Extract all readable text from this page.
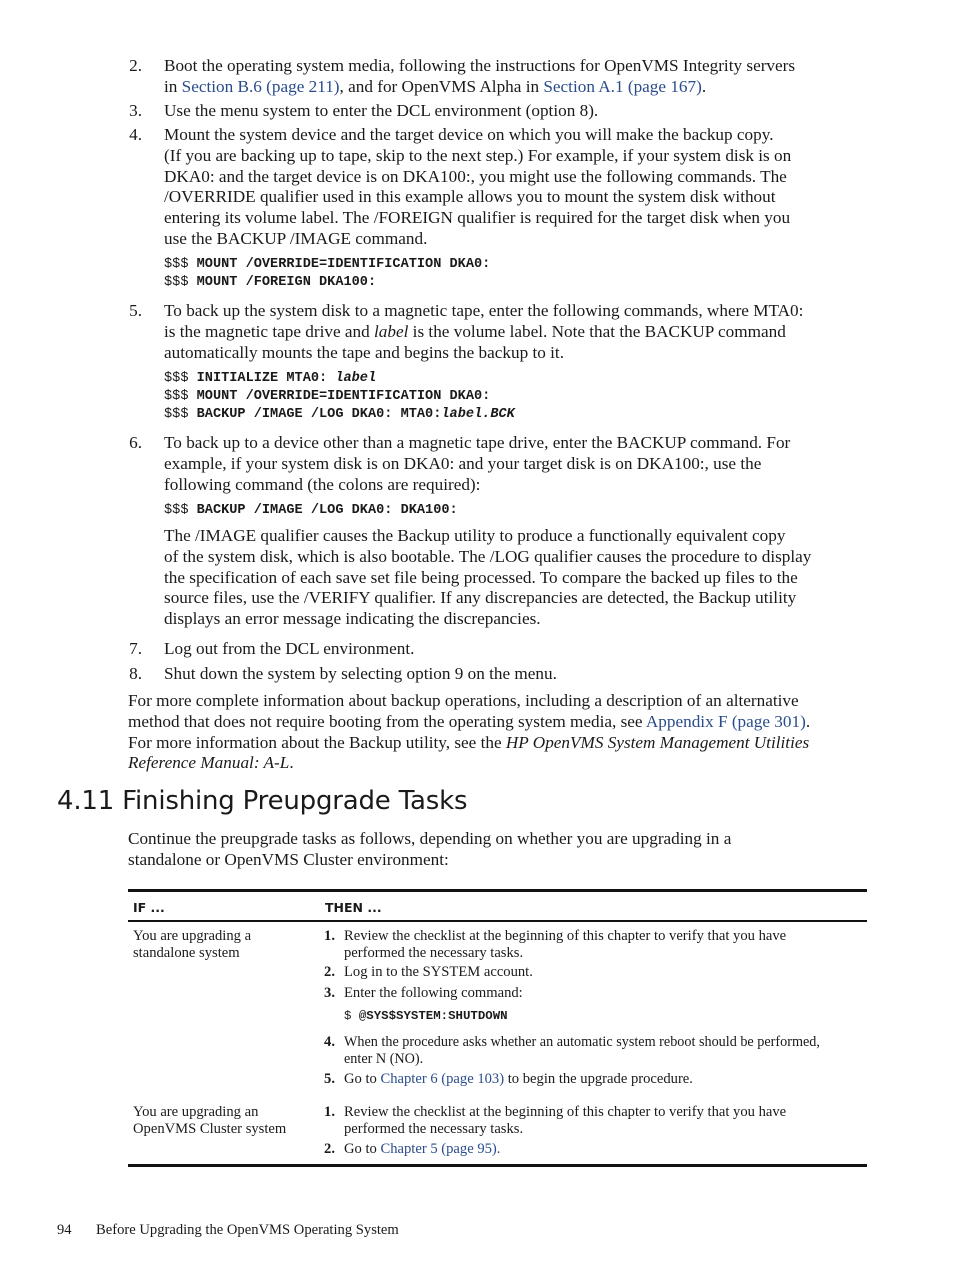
2. Boot the operating system media, following the instructions for OpenVMS Integrity servers
in Section B.6 (page 211), and for OpenVMS Alpha in Section A.1 (page 167).
3. Use the menu system to enter the DCL environment (option 8).
4. Mount the system device and the target device on which you will make the backup copy.
(If you are backing up to tape, skip to the next step.) For example, if your system disk is on
DKA0: and the target device is on DKA100:, you might use the following commands. The
/OVERRIDE qualifier used in this example allows you to mount the system disk without
entering its volume label. The /FOREIGN qualifier is required for the target disk when you
use the BACKUP /IMAGE command.
$$$ MOUNT /OVERRIDE=IDENTIFICATION DKA0:
$$$ MOUNT /FOREIGN DKA100:
5. To back up the system disk to a magnetic tape, enter the following commands, where MTA0:
is the magnetic tape drive and label is the volume label. Note that the BACKUP command
automatically mounts the tape and begins the backup to it.
$$$ INITIALIZE MTA0: label
$$$ MOUNT /OVERRIDE=IDENTIFICATION DKA0:
$$$ BACKUP /IMAGE /LOG DKA0: MTA0:label.BCK
6. To back up to a device other than a magnetic tape drive, enter the BACKUP command. For
example, if your system disk is on DKA0: and your target disk is on DKA100:, use the
following command (the colons are required):
$$$ BACKUP /IMAGE /LOG DKA0: DKA100:
The /IMAGE qualifier causes the Backup utility to produce a functionally equivalent copy
of the system disk, which is also bootable. The /LOG qualifier causes the procedure to display
the specification of each save set file being processed. To compare the backed up files to the
source files, use the /VERIFY qualifier. If any discrepancies are detected, the Backup utility
displays an error message indicating the discrepancies.
7. Log out from the DCL environment.
8. Shut down the system by selecting option 9 on the menu.
For more complete information about backup operations, including a description of an alternative
method that does not require booting from the operating system media, see Appendix F (page 301).
For more information about the Backup utility, see the HP OpenVMS System Management Utilities
Reference Manual: A-L.
4.11 Finishing Preupgrade Tasks
Continue the preupgrade tasks as follows, depending on whether you are upgrading in a
standalone or OpenVMS Cluster environment:
IF ...	THEN ...
You are upgrading a
standalone system
1. Review the checklist at the beginning of this chapter to verify that you have
performed the necessary tasks.
2. Log in to the SYSTEM account.
3. Enter the following command:
$ @SYS$SYSTEM:SHUTDOWN
4. When the procedure asks whether an automatic system reboot should be performed,
enter N (NO).
5. Go to Chapter 6 (page 103) to begin the upgrade procedure.
You are upgrading an
OpenVMS Cluster system
1. Review the checklist at the beginning of this chapter to verify that you have
performed the necessary tasks.
2. Go to Chapter 5 (page 95).
94 Before Upgrading the OpenVMS Operating System
